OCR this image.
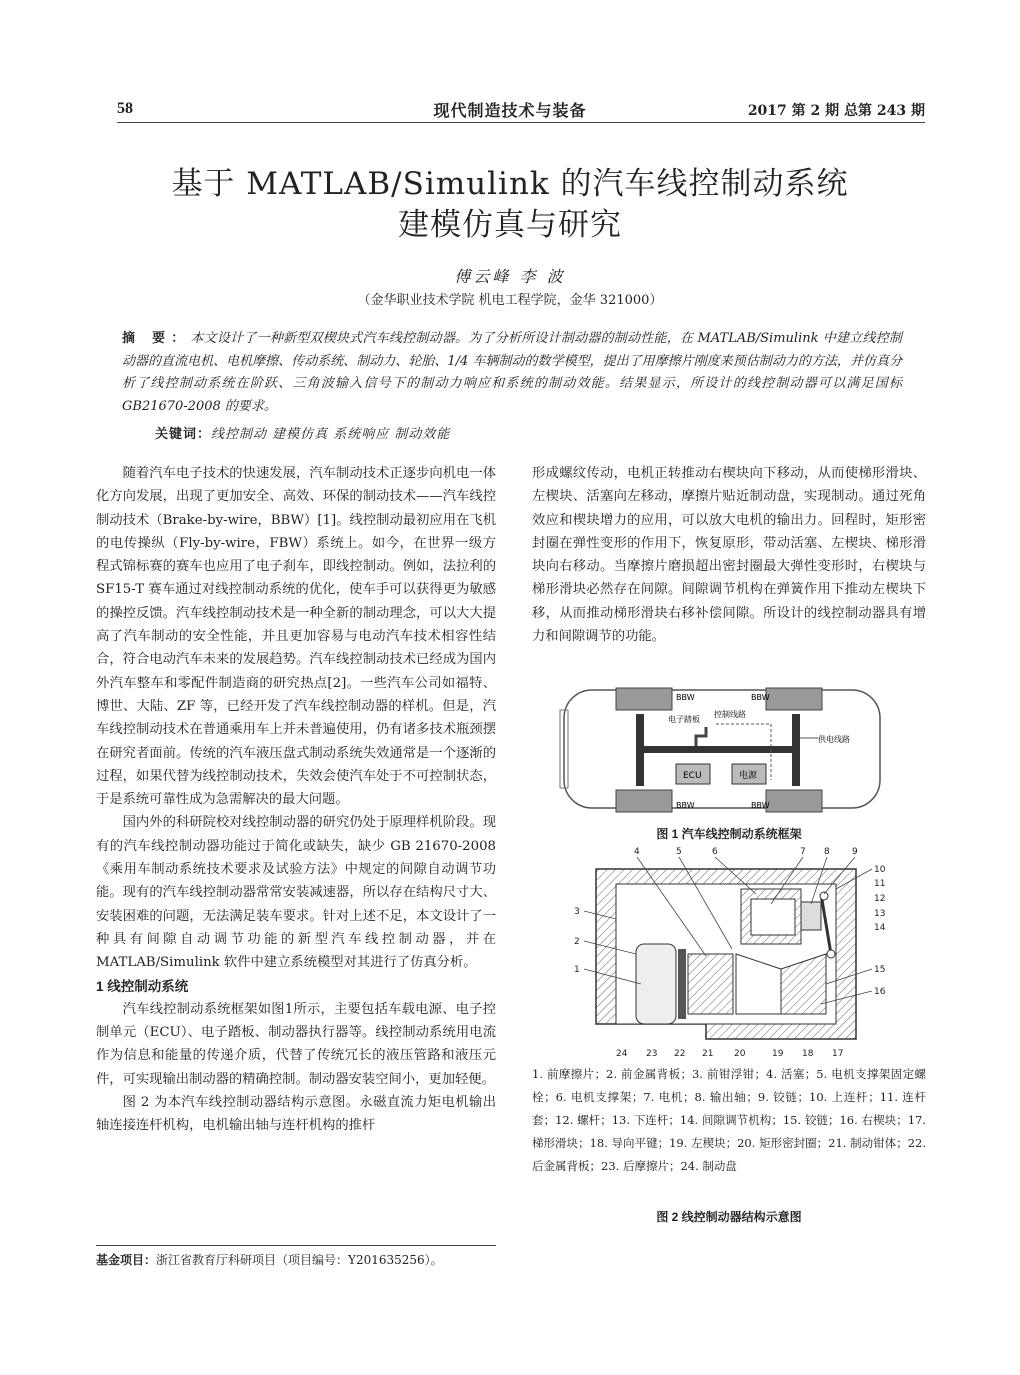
58	现代制造技术与装备	2017 第 2 期 总第 243 期
基于 MATLAB/Simulink 的汽车线控制动系统
建模仿真与研究
傅云峰 李 波
（金华职业技术学院 机电工程学院，金华 321000）
摘 要：本文设计了一种新型双楔块式汽车线控制动器。为了分析所设计制动器的制动性能，在 MATLAB/Simulink 中建立线控制动器的直流电机、电机摩擦、传动系统、制动力、轮胎、1/4 车辆制动的数学模型，提出了用摩擦片刚度来预估制动力的方法，并仿真分析了线控制动系统在阶跃、三角波输入信号下的制动力响应和系统的制动效能。结果显示，所设计的线控制动器可以满足国标 GB21670-2008 的要求。
关键词：线控制动 建模仿真 系统响应 制动效能

随着汽车电子技术的快速发展，汽车制动技术正逐步向机电一体化方向发展，出现了更加安全、高效、环保的制动技术——汽车线控制动技术（Brake-by-wire，BBW）[1]。线控制动最初应用在飞机的电传操纵（Fly-by-wire，FBW）系统上。如今，在世界一级方程式锦标赛的赛车也应用了电子刹车，即线控制动。例如，法拉利的 SF15-T 赛车通过对线控制动系统的优化，使车手可以获得更为敏感的操控反馈。汽车线控制动技术是一种全新的制动理念，可以大大提高了汽车制动的安全性能，并且更加容易与电动汽车技术相容性结合，符合电动汽车未来的发展趋势。汽车线控制动技术已经成为国内外汽车整车和零配件制造商的研究热点[2]。一些汽车公司如福特、博世、大陆、ZF 等，已经开发了汽车线控制动器的样机。但是，汽车线控制动技术在普通乘用车上并未普遍使用，仍有诸多技术瓶颈摆在研究者面前。传统的汽车液压盘式制动系统失效通常是一个逐渐的过程，如果代替为线控制动技术，失效会使汽车处于不可控制状态，于是系统可靠性成为急需解决的最大问题。

国内外的科研院校对线控制动器的研究仍处于原理样机阶段。现有的汽车线控制动器功能过于简化或缺失，缺少 GB 21670-2008《乘用车制动系统技术要求及试验方法》中规定的间隙自动调节功能。现有的汽车线控制动器常常安装减速器，所以存在结构尺寸大、安装困难的问题，无法满足装车要求。针对上述不足，本文设计了一种具有间隙自动调节功能的新型汽车线控制动器，并在 MATLAB/Simulink 软件中建立系统模型对其进行了仿真分析。

1 线控制动系统

汽车线控制动系统框架如图1所示，主要包括车载电源、电子控制单元（ECU）、电子踏板、制动器执行器等。线控制动系统用电流作为信息和能量的传递介质，代替了传统冗长的液压管路和液压元件，可实现输出制动器的精确控制。制动器安装空间小，更加轻便。

图 2 为本汽车线控制动器结构示意图。永磁直流力矩电机输出轴连接连杆机构，电机输出轴与连杆机构的推杆

形成螺纹传动，电机正转推动右楔块向下移动，从而使梯形滑块、左楔块、活塞向左移动，摩擦片贴近制动盘，实现制动。通过死角效应和楔块增力的应用，可以放大电机的输出力。回程时，矩形密封圈在弹性变形的作用下，恢复原形，带动活塞、左楔块、梯形滑块向右移动。当摩擦片磨损超出密封圈最大弹性变形时，右楔块与梯形滑块必然存在间隙。间隙调节机构在弹簧作用下推动左楔块下移，从而推动梯形滑块右移补偿间隙。所设计的线控制动器具有增力和间隙调节的功能。

BBW	BBW
BBW	BBW
电子踏板
控制线路
供电线路
ECU	电源
图 1 汽车线控制动系统框架
4	5	6	7 8 9
10
11
12
13
14
15
16
3
2
1
24 23 22 21 20	19 18 17
1. 前摩擦片；2. 前金属背板；3. 前钳浮钳；4. 活塞；5. 电机支撑架固定螺栓；6. 电机支撑架；7. 电机；8. 输出轴；9. 铰链；10. 上连杆；11. 连杆套；12. 螺杆；13. 下连杆；14. 间隙调节机构；15. 铰链；16. 右楔块；17. 梯形滑块；18. 导向平键；19. 左楔块；20. 矩形密封圈；21. 制动钳体；22. 后金属背板；23. 后摩擦片；24. 制动盘
图 2 线控制动器结构示意图
基金项目：浙江省教育厅科研项目（项目编号：Y201635256）。
